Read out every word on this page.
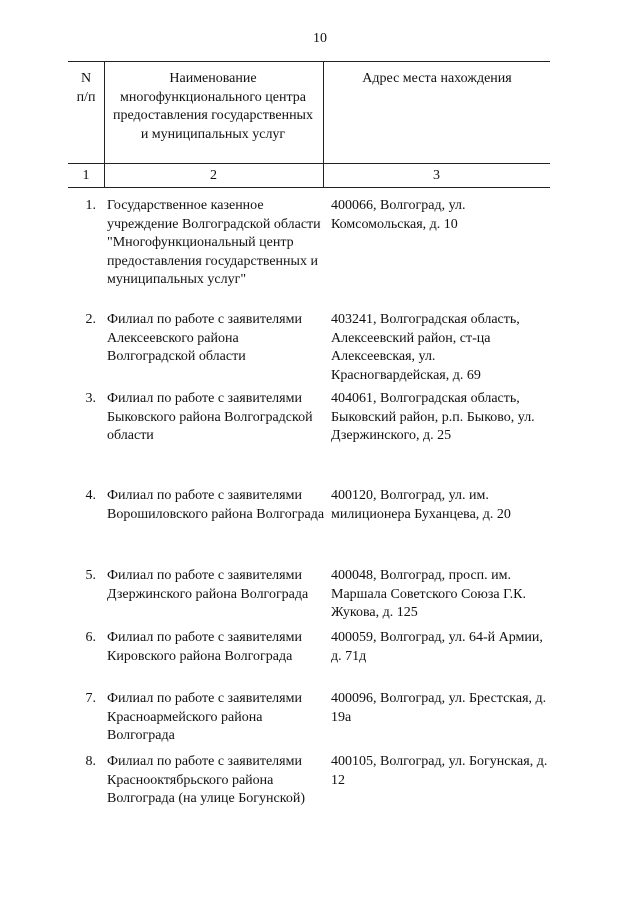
10
N
п/п
Наименование многофункционального центра предоставления государственных и муниципальных услуг
Адрес места нахождения
1	2	3
1. Государственное казенное учреждение Волгоградской области "Многофункциональный центр предоставления государственных и муниципальных услуг"
400066, Волгоград, ул. Комсомольская, д. 10
2. Филиал по работе с заявителями Алексеевского района Волгоградской области
403241, Волгоградская область, Алексеевский район, ст-ца Алексеевская, ул. Красногвардейская, д. 69
3. Филиал по работе с заявителями Быковского района Волгоградской области
404061, Волгоградская область, Быковский район, р.п. Быково, ул. Дзержинского, д. 25
4. Филиал по работе с заявителями Ворошиловского района Волгограда
400120, Волгоград, ул. им. милиционера Буханцева, д. 20
5. Филиал по работе с заявителями Дзержинского района Волгограда
400048, Волгоград, просп. им. Маршала Советского Союза Г.К. Жукова, д. 125
6. Филиал по работе с заявителями Кировского района Волгограда
400059, Волгоград, ул. 64-й Армии, д. 71д
7. Филиал по работе с заявителями Красноармейского района Волгограда
400096, Волгоград, ул. Брестская, д. 19а
8. Филиал по работе с заявителями Краснооктябрьского района Волгограда (на улице Богунской)
400105, Волгоград, ул. Богунская, д. 12
